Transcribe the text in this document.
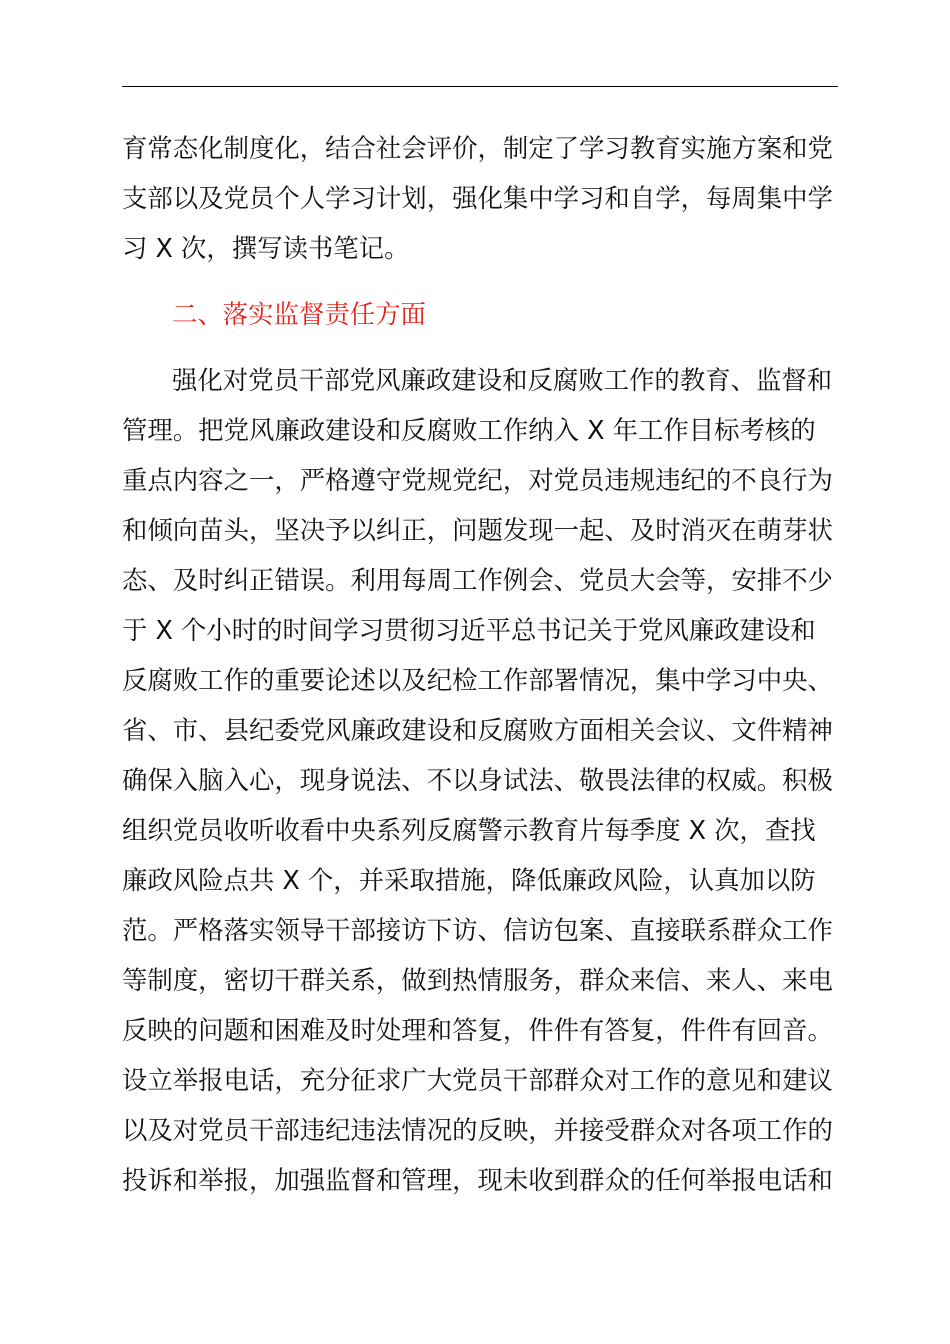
育常态化制度化，结合社会评价，制定了学习教育实施方案和党
支部以及党员个人学习计划，强化集中学习和自学，每周集中学
习 X 次，撰写读书笔记。
二、落实监督责任方面
强化对党员干部党风廉政建设和反腐败工作的教育、监督和
管理。把党风廉政建设和反腐败工作纳入 X 年工作目标考核的
重点内容之一，严格遵守党规党纪，对党员违规违纪的不良行为
和倾向苗头，坚决予以纠正，问题发现一起、及时消灭在萌芽状
态、及时纠正错误。利用每周工作例会、党员大会等，安排不少
于 X 个小时的时间学习贯彻习近平总书记关于党风廉政建设和
反腐败工作的重要论述以及纪检工作部署情况，集中学习中央、
省、市、县纪委党风廉政建设和反腐败方面相关会议、文件精神
确保入脑入心，现身说法、不以身试法、敬畏法律的权威。积极
组织党员收听收看中央系列反腐警示教育片每季度 X 次，查找
廉政风险点共 X 个，并采取措施，降低廉政风险，认真加以防
范。严格落实领导干部接访下访、信访包案、直接联系群众工作
等制度，密切干群关系，做到热情服务，群众来信、来人、来电
反映的问题和困难及时处理和答复，件件有答复，件件有回音。
设立举报电话，充分征求广大党员干部群众对工作的意见和建议
以及对党员干部违纪违法情况的反映，并接受群众对各项工作的
投诉和举报，加强监督和管理，现未收到群众的任何举报电话和
